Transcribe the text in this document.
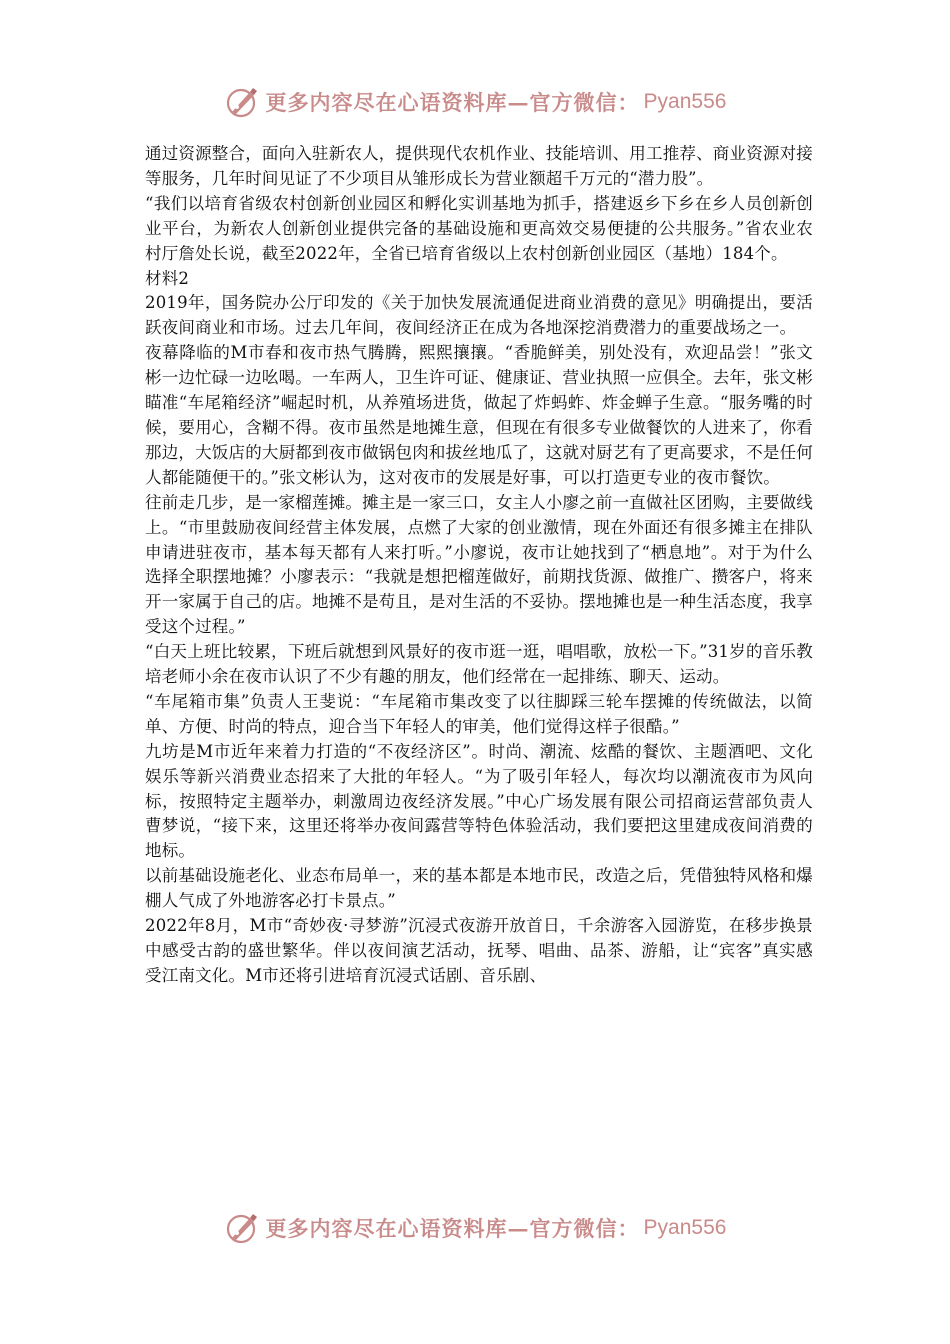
更多内容尽在心语资料库—官方微信： Pyan556

通过资源整合，面向入驻新农人，提供现代农机作业、技能培训、用工推荐、商业资源对接等服务，几年时间见证了不少项目从雏形成长为营业额超千万元的“潜力股”。

“我们以培育省级农村创新创业园区和孵化实训基地为抓手，搭建返乡下乡在乡人员创新创业平台，为新农人创新创业提供完备的基础设施和更高效交易便捷的公共服务。”省农业农村厅詹处长说，截至2022年，全省已培育省级以上农村创新创业园区（基地）184个。

材料2

2019年，国务院办公厅印发的《关于加快发展流通促进商业消费的意见》明确提出，要活跃夜间商业和市场。过去几年间，夜间经济正在成为各地深挖消费潜力的重要战场之一。

夜幕降临的M市春和夜市热气腾腾，熙熙攘攘。“香脆鲜美，别处没有，欢迎品尝！”张文彬一边忙碌一边吆喝。一车两人，卫生许可证、健康证、营业执照一应俱全。去年，张文彬瞄准“车尾箱经济”崛起时机，从养殖场进货，做起了炸蚂蚱、炸金蝉子生意。“服务嘴的时候，要用心，含糊不得。夜市虽然是地摊生意，但现在有很多专业做餐饮的人进来了，你看那边，大饭店的大厨都到夜市做锅包肉和拔丝地瓜了，这就对厨艺有了更高要求，不是任何人都能随便干的。”张文彬认为，这对夜市的发展是好事，可以打造更专业的夜市餐饮。

往前走几步，是一家榴莲摊。摊主是一家三口，女主人小廖之前一直做社区团购，主要做线上。“市里鼓励夜间经营主体发展，点燃了大家的创业激情，现在外面还有很多摊主在排队申请进驻夜市，基本每天都有人来打听。”小廖说，夜市让她找到了“栖息地”。对于为什么选择全职摆地摊？小廖表示：“我就是想把榴莲做好，前期找货源、做推广、攒客户，将来开一家属于自己的店。地摊不是苟且，是对生活的不妥协。摆地摊也是一种生活态度，我享受这个过程。”

“白天上班比较累，下班后就想到风景好的夜市逛一逛，唱唱歌，放松一下。”31岁的音乐教培老师小余在夜市认识了不少有趣的朋友，他们经常在一起排练、聊天、运动。

“车尾箱市集”负责人王斐说：“车尾箱市集改变了以往脚踩三轮车摆摊的传统做法，以简单、方便、时尚的特点，迎合当下年轻人的审美，他们觉得这样子很酷。”

九坊是M市近年来着力打造的“不夜经济区”。时尚、潮流、炫酷的餐饮、主题酒吧、文化娱乐等新兴消费业态招来了大批的年轻人。“为了吸引年轻人，每次均以潮流夜市为风向标，按照特定主题举办，刺激周边夜经济发展。”中心广场发展有限公司招商运营部负责人曹梦说，“接下来，这里还将举办夜间露营等特色体验活动，我们要把这里建成夜间消费的地标。

以前基础设施老化、业态布局单一，来的基本都是本地市民，改造之后，凭借独特风格和爆棚人气成了外地游客必打卡景点。”

2022年8月，M市“奇妙夜·寻梦游”沉浸式夜游开放首日，千余游客入园游览，在移步换景中感受古韵的盛世繁华。伴以夜间演艺活动，抚琴、唱曲、品茶、游船，让“宾客”真实感受江南文化。M市还将引进培育沉浸式话剧、音乐剧、

更多内容尽在心语资料库—官方微信： Pyan556
